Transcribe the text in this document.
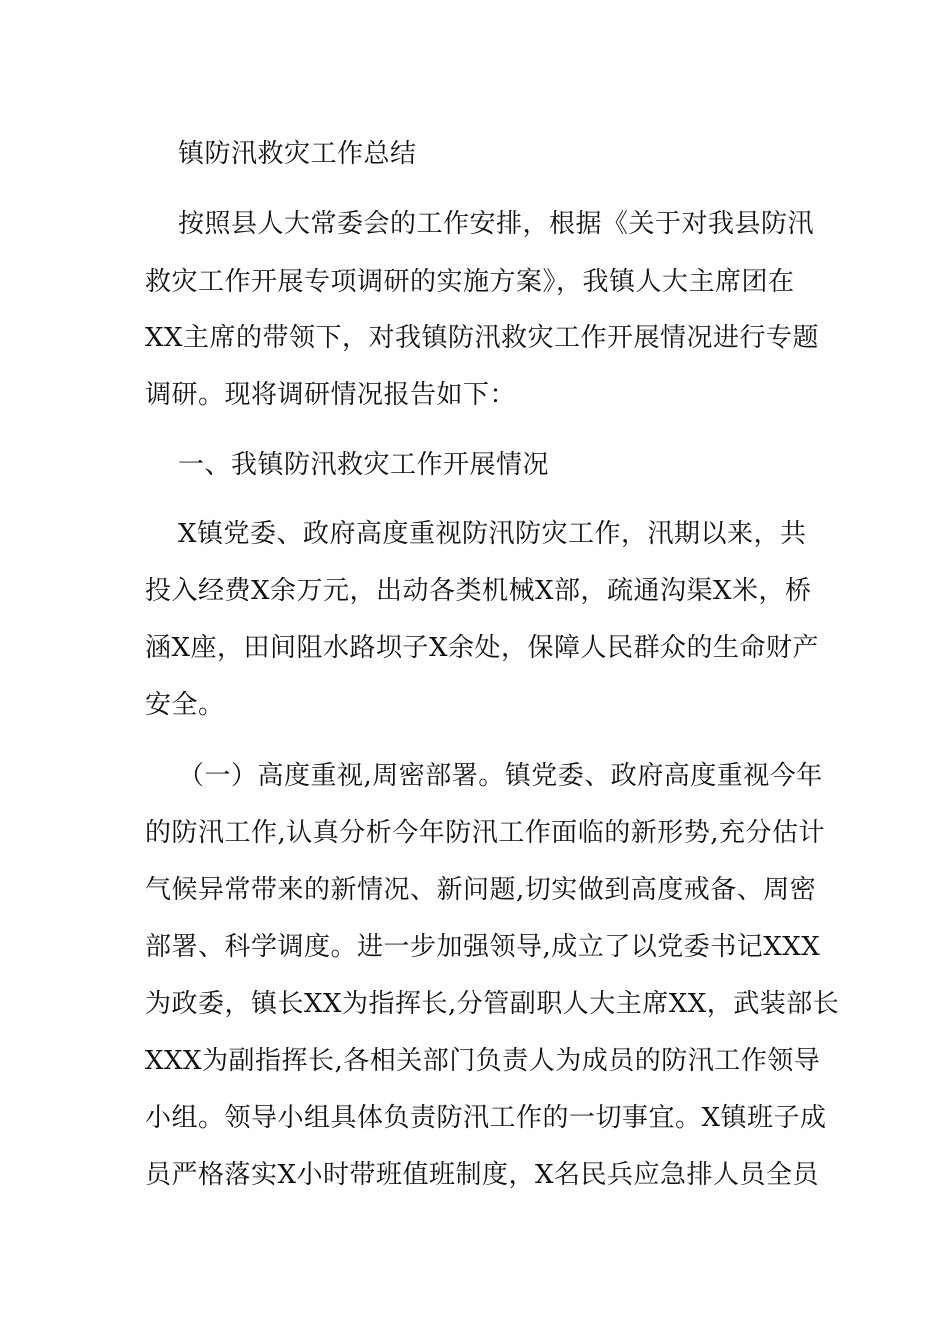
镇防汛救灾工作总结
按照县人大常委会的工作安排，根据《关于对我县防汛
救灾工作开展专项调研的实施方案》，我镇人大主席团在
XX主席的带领下，对我镇防汛救灾工作开展情况进行专题
调研。现将调研情况报告如下：
一、我镇防汛救灾工作开展情况
X镇党委、政府高度重视防汛防灾工作，汛期以来，共
投入经费X余万元，出动各类机械X部，疏通沟渠X米，桥
涵X座，田间阻水路坝子X余处，保障人民群众的生命财产
安全。
（一）高度重视,周密部署。镇党委、政府高度重视今年
的防汛工作,认真分析今年防汛工作面临的新形势,充分估计
气候异常带来的新情况、新问题,切实做到高度戒备、周密
部署、科学调度。进一步加强领导,成立了以党委书记XXX
为政委，镇长XX为指挥长,分管副职人大主席XX，武装部长
XXX为副指挥长,各相关部门负责人为成员的防汛工作领导
小组。领导小组具体负责防汛工作的一切事宜。X镇班子成
员严格落实X小时带班值班制度，X名民兵应急排人员全员
